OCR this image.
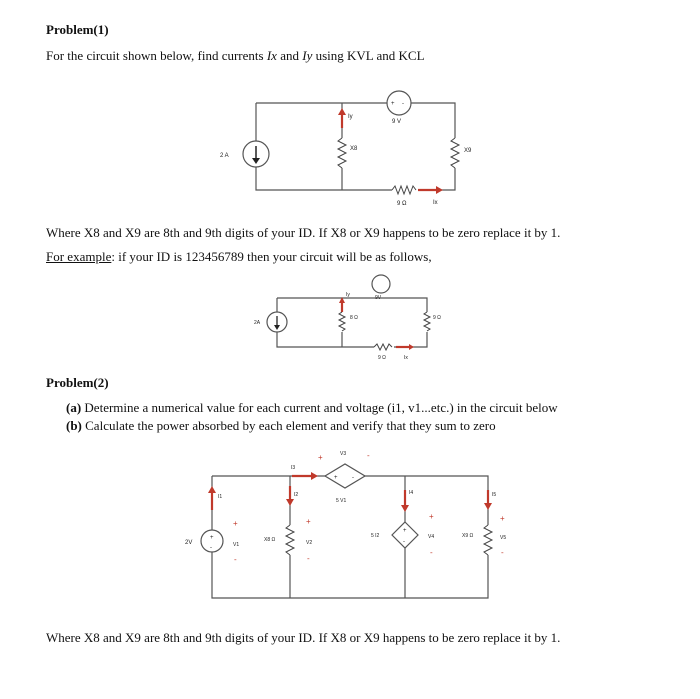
Problem(1)
For the circuit shown below, find currents Ix and Iy using KVL and KCL
2 A
Iy
X8
+ -
9 V
X9
9 Ω	Ix
Where X8 and X9 are 8th and 9th digits of your ID. If X8 or X9 happens to be zero replace it by 1.
For example: if your ID is 123456789 then your circuit will be as follows,
2A
Iy
8 Ω
9V
9 Ω
9 Ω	Ix
Problem(2)
(a) Determine a numerical value for each current and voltage (i1, v1...etc.) in the circuit below
(b) Calculate the power absorbed by each element and verify that they sum to zero
+
-
2V
I1
+
V1
-
X8 Ω
I2
+
V2
-
I3
+ -
5 V1
+	V3	-
I4
+
-
5 I2
+
V4
-
X9 Ω
I5
+
V5
-
Where X8 and X9 are 8th and 9th digits of your ID. If X8 or X9 happens to be zero replace it by 1.
